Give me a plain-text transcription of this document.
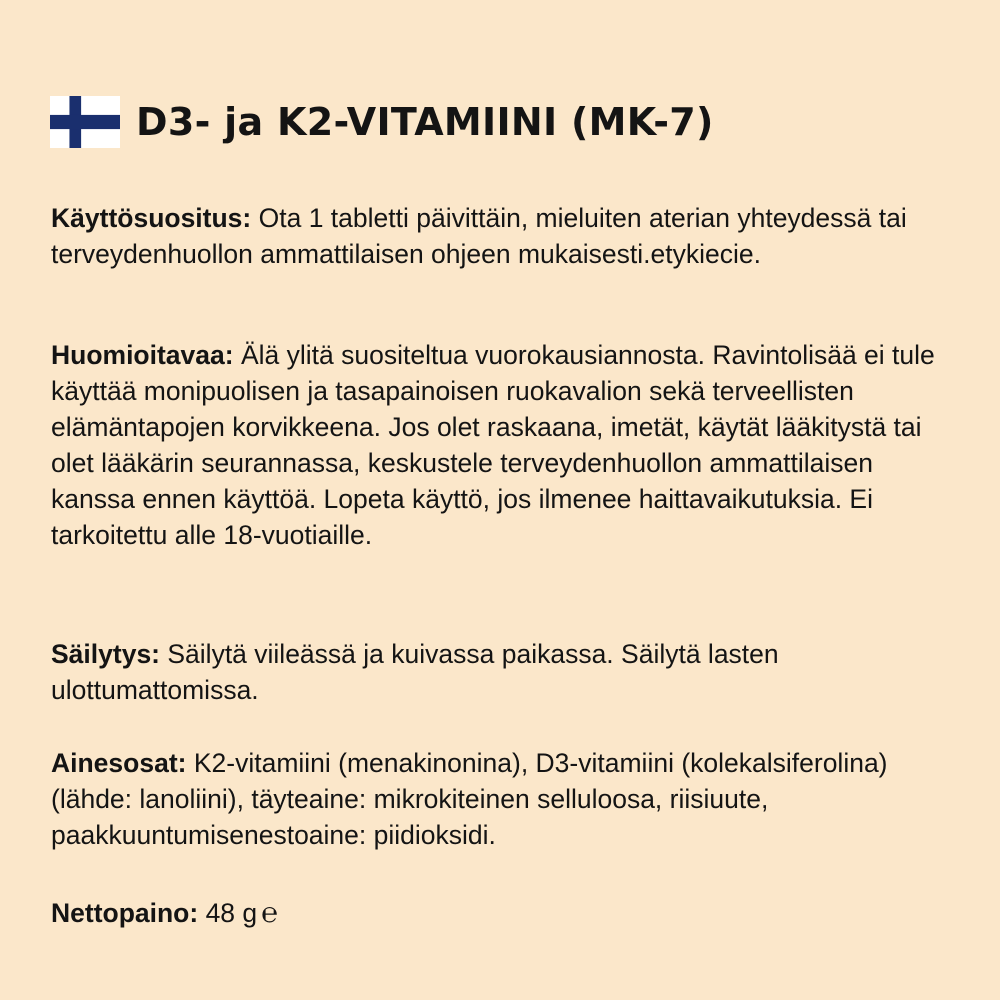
D3- ja K2-VITAMIINI (MK-7)

Käyttösuositus: Ota 1 tabletti päivittäin, mieluiten aterian yhteydessä tai terveydenhuollon ammattilaisen ohjeen mukaisesti.etykiecie.

Huomioitavaa: Älä ylitä suositeltua vuorokausiannosta. Ravintolisää ei tule käyttää monipuolisen ja tasapainoisen ruokavalion sekä terveellisten elämäntapojen korvikkeena. Jos olet raskaana, imetät, käytät lääkitystä tai olet lääkärin seurannassa, keskustele terveydenhuollon ammattilaisen kanssa ennen käyttöä. Lopeta käyttö, jos ilmenee haittavaikutuksia. Ei tarkoitettu alle 18-vuotiaille.

Säilytys: Säilytä viileässä ja kuivassa paikassa. Säilytä lasten ulottumattomissa.

Ainesosat: K2-vitamiini (menakinonina), D3-vitamiini (kolekalsiferolina) (lähde: lanoliini), täyteaine: mikrokiteinen selluloosa, riisiuute, paakkuuntumisenestoaine: piidioksidi.

Nettopaino: 48 g ℮
